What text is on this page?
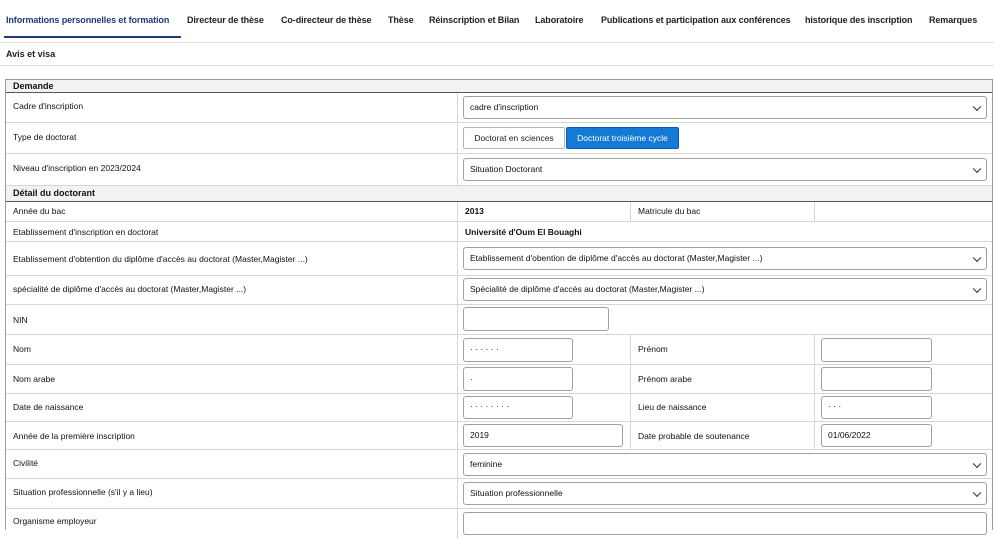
Informations personnelles et formation Directeur de thèse Co-directeur de thèse Thèse Réinscription et Bilan Laboratoire Publications et participation aux conférences historique des inscription Remarques
Avis et visa
Demande
Cadre d'inscription	cadre d'inscription
Type de doctorat	Doctorat en sciences	Doctorat troisième cycle
Niveau d'inscription en 2023/2024	Situation Doctorant
Détail du doctorant
Année du bac	2013	Matricule du bac
Etablissement d'inscription en doctorat	Université d'Oum El Bouaghi
Etablissement d'obtention du diplôme d'accès au doctorat (Master,Magister ...)	Etablissement d'obention de diplôme d'accès au doctorat (Master,Magister ...)
spécialité de diplôme d'accès au doctorat (Master,Magister ...)	Spécialité de diplôme d'accès au doctorat (Master,Magister ...)
NIN
Nom	· · · · · ·	Prénom
Nom arabe	·	Prénom arabe
Date de naissance	· · · · · · · ·	Lieu de naissance	· · ·
Année de la première inscription	2019	Date probable de soutenance	01/06/2022
Civilité	feminine
Situation professionnelle (s'il y a lieu)	Situation professionnelle
Organisme employeur
